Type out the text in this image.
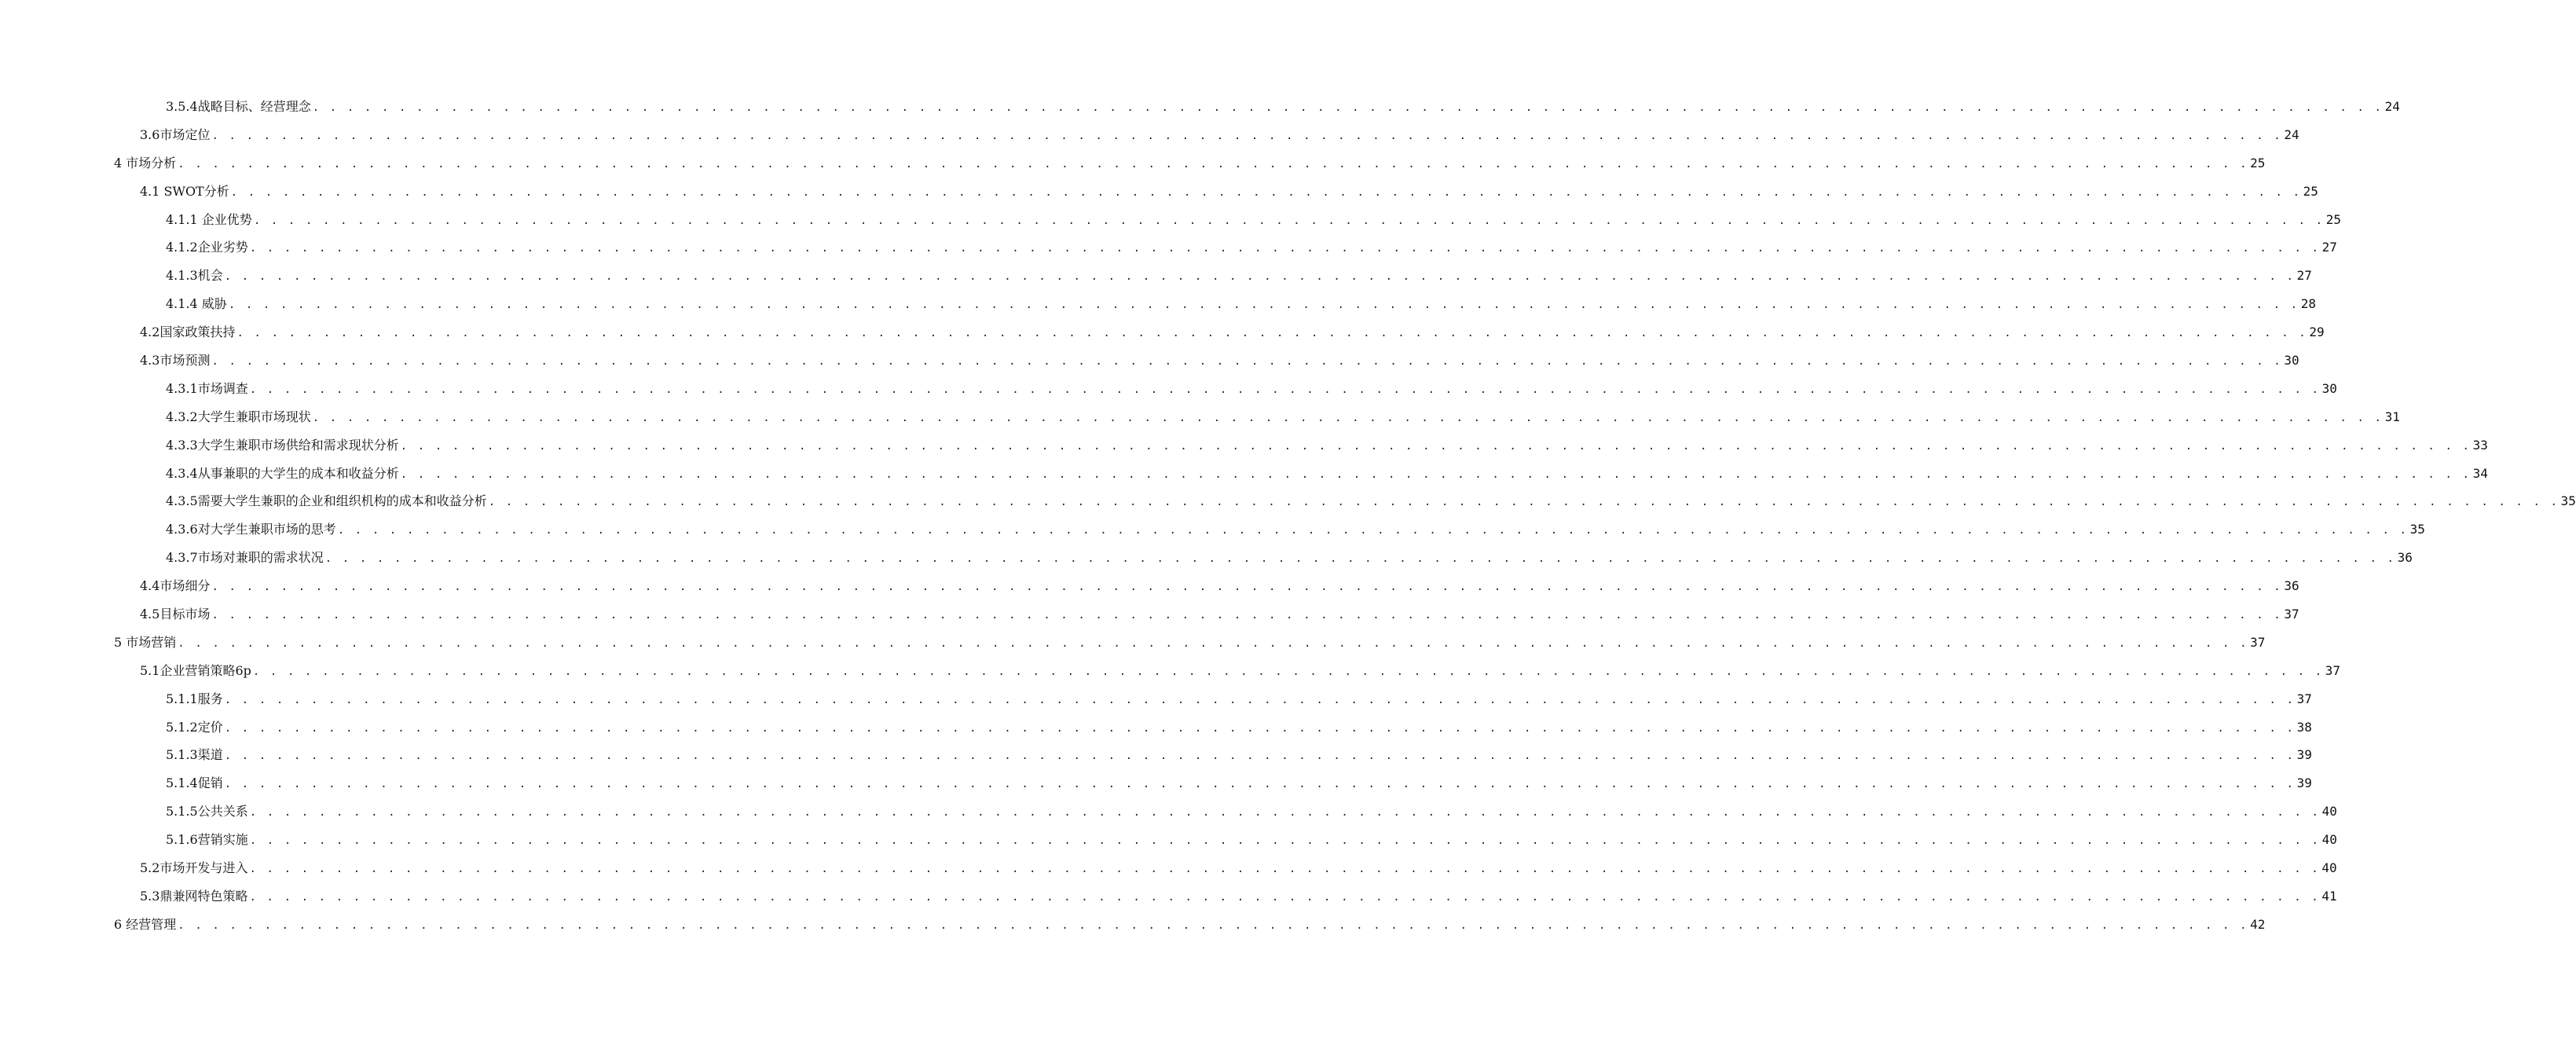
3.5.4战略目标、经营理念 . . . . . . . . . . . . . . . . . . . . . . . . . . . . . . . . . . . . . . . . . . . . . . . . . . . . . . . . . . . . . . . . . . . . . . . . . . . . . . . . . . . . . . . . . . . . . . . . . . . . . . . . . . . . . . . . . . . . . . . . 24
3.6市场定位 . . . . . . . . . . . . . . . . . . . . . . . . . . . . . . . . . . . . . . . . . . . . . . . . . . . . . . . . . . . . . . . . . . . . . . . . . . . . . . . . . . . . . . . . . . . . . . . . . . . . . . . . . . . . . . . . . . . . . . . . 24
4 市场分析 . . . . . . . . . . . . . . . . . . . . . . . . . . . . . . . . . . . . . . . . . . . . . . . . . . . . . . . . . . . . . . . . . . . . . . . . . . . . . . . . . . . . . . . . . . . . . . . . . . . . . . . . . . . . . . . . . . . . . . . . 25
4.1 SWOT分析 . . . . . . . . . . . . . . . . . . . . . . . . . . . . . . . . . . . . . . . . . . . . . . . . . . . . . . . . . . . . . . . . . . . . . . . . . . . . . . . . . . . . . . . . . . . . . . . . . . . . . . . . . . . . . . . . . . . . . . . . 25
4.1.1 企业优势 . . . . . . . . . . . . . . . . . . . . . . . . . . . . . . . . . . . . . . . . . . . . . . . . . . . . . . . . . . . . . . . . . . . . . . . . . . . . . . . . . . . . . . . . . . . . . . . . . . . . . . . . . . . . . . . . . . . . . . . . 25
4.1.2企业劣势 . . . . . . . . . . . . . . . . . . . . . . . . . . . . . . . . . . . . . . . . . . . . . . . . . . . . . . . . . . . . . . . . . . . . . . . . . . . . . . . . . . . . . . . . . . . . . . . . . . . . . . . . . . . . . . . . . . . . . . . . 27
4.1.3机会 . . . . . . . . . . . . . . . . . . . . . . . . . . . . . . . . . . . . . . . . . . . . . . . . . . . . . . . . . . . . . . . . . . . . . . . . . . . . . . . . . . . . . . . . . . . . . . . . . . . . . . . . . . . . . . . . . . . . . . . . 27
4.1.4 威胁 . . . . . . . . . . . . . . . . . . . . . . . . . . . . . . . . . . . . . . . . . . . . . . . . . . . . . . . . . . . . . . . . . . . . . . . . . . . . . . . . . . . . . . . . . . . . . . . . . . . . . . . . . . . . . . . . . . . . . . . . 28
4.2国家政策扶持 . . . . . . . . . . . . . . . . . . . . . . . . . . . . . . . . . . . . . . . . . . . . . . . . . . . . . . . . . . . . . . . . . . . . . . . . . . . . . . . . . . . . . . . . . . . . . . . . . . . . . . . . . . . . . . . . . . . . . . . . 29
4.3市场预测 . . . . . . . . . . . . . . . . . . . . . . . . . . . . . . . . . . . . . . . . . . . . . . . . . . . . . . . . . . . . . . . . . . . . . . . . . . . . . . . . . . . . . . . . . . . . . . . . . . . . . . . . . . . . . . . . . . . . . . . . 30
4.3.1市场调查 . . . . . . . . . . . . . . . . . . . . . . . . . . . . . . . . . . . . . . . . . . . . . . . . . . . . . . . . . . . . . . . . . . . . . . . . . . . . . . . . . . . . . . . . . . . . . . . . . . . . . . . . . . . . . . . . . . . . . . . . 30
4.3.2大学生兼职市场现状 . . . . . . . . . . . . . . . . . . . . . . . . . . . . . . . . . . . . . . . . . . . . . . . . . . . . . . . . . . . . . . . . . . . . . . . . . . . . . . . . . . . . . . . . . . . . . . . . . . . . . . . . . . . . . . . . . . . . . . . . 31
4.3.3大学生兼职市场供给和需求现状分析 . . . . . . . . . . . . . . . . . . . . . . . . . . . . . . . . . . . . . . . . . . . . . . . . . . . . . . . . . . . . . . . . . . . . . . . . . . . . . . . . . . . . . . . . . . . . . . . . . . . . . . . . . . . . . . . . . . . . . . . . 33
4.3.4从事兼职的大学生的成本和收益分析 . . . . . . . . . . . . . . . . . . . . . . . . . . . . . . . . . . . . . . . . . . . . . . . . . . . . . . . . . . . . . . . . . . . . . . . . . . . . . . . . . . . . . . . . . . . . . . . . . . . . . . . . . . . . . . . . . . . . . . . . 34
4.3.5需要大学生兼职的企业和组织机构的成本和收益分析 . . . . . . . . . . . . . . . . . . . . . . . . . . . . . . . . . . . . . . . . . . . . . . . . . . . . . . . . . . . . . . . . . . . . . . . . . . . . . . . . . . . . . . . . . . . . . . . . . . . . . . . . . . . . . . . . . . . . . . . . 35
4.3.6对大学生兼职市场的思考 . . . . . . . . . . . . . . . . . . . . . . . . . . . . . . . . . . . . . . . . . . . . . . . . . . . . . . . . . . . . . . . . . . . . . . . . . . . . . . . . . . . . . . . . . . . . . . . . . . . . . . . . . . . . . . . . . . . . . . . . 35
4.3.7市场对兼职的需求状况 . . . . . . . . . . . . . . . . . . . . . . . . . . . . . . . . . . . . . . . . . . . . . . . . . . . . . . . . . . . . . . . . . . . . . . . . . . . . . . . . . . . . . . . . . . . . . . . . . . . . . . . . . . . . . . . . . . . . . . . . 36
4.4市场细分 . . . . . . . . . . . . . . . . . . . . . . . . . . . . . . . . . . . . . . . . . . . . . . . . . . . . . . . . . . . . . . . . . . . . . . . . . . . . . . . . . . . . . . . . . . . . . . . . . . . . . . . . . . . . . . . . . . . . . . . . 36
4.5目标市场 . . . . . . . . . . . . . . . . . . . . . . . . . . . . . . . . . . . . . . . . . . . . . . . . . . . . . . . . . . . . . . . . . . . . . . . . . . . . . . . . . . . . . . . . . . . . . . . . . . . . . . . . . . . . . . . . . . . . . . . . 37
5 市场营销 . . . . . . . . . . . . . . . . . . . . . . . . . . . . . . . . . . . . . . . . . . . . . . . . . . . . . . . . . . . . . . . . . . . . . . . . . . . . . . . . . . . . . . . . . . . . . . . . . . . . . . . . . . . . . . . . . . . . . . . . 37
5.1企业营销策略6p . . . . . . . . . . . . . . . . . . . . . . . . . . . . . . . . . . . . . . . . . . . . . . . . . . . . . . . . . . . . . . . . . . . . . . . . . . . . . . . . . . . . . . . . . . . . . . . . . . . . . . . . . . . . . . . . . . . . . . . . 37
5.1.1服务 . . . . . . . . . . . . . . . . . . . . . . . . . . . . . . . . . . . . . . . . . . . . . . . . . . . . . . . . . . . . . . . . . . . . . . . . . . . . . . . . . . . . . . . . . . . . . . . . . . . . . . . . . . . . . . . . . . . . . . . . 37
5.1.2定价 . . . . . . . . . . . . . . . . . . . . . . . . . . . . . . . . . . . . . . . . . . . . . . . . . . . . . . . . . . . . . . . . . . . . . . . . . . . . . . . . . . . . . . . . . . . . . . . . . . . . . . . . . . . . . . . . . . . . . . . . 38
5.1.3渠道 . . . . . . . . . . . . . . . . . . . . . . . . . . . . . . . . . . . . . . . . . . . . . . . . . . . . . . . . . . . . . . . . . . . . . . . . . . . . . . . . . . . . . . . . . . . . . . . . . . . . . . . . . . . . . . . . . . . . . . . . 39
5.1.4促销 . . . . . . . . . . . . . . . . . . . . . . . . . . . . . . . . . . . . . . . . . . . . . . . . . . . . . . . . . . . . . . . . . . . . . . . . . . . . . . . . . . . . . . . . . . . . . . . . . . . . . . . . . . . . . . . . . . . . . . . . 39
5.1.5公共关系 . . . . . . . . . . . . . . . . . . . . . . . . . . . . . . . . . . . . . . . . . . . . . . . . . . . . . . . . . . . . . . . . . . . . . . . . . . . . . . . . . . . . . . . . . . . . . . . . . . . . . . . . . . . . . . . . . . . . . . . . 40
5.1.6营销实施 . . . . . . . . . . . . . . . . . . . . . . . . . . . . . . . . . . . . . . . . . . . . . . . . . . . . . . . . . . . . . . . . . . . . . . . . . . . . . . . . . . . . . . . . . . . . . . . . . . . . . . . . . . . . . . . . . . . . . . . . 40
5.2市场开发与进入 . . . . . . . . . . . . . . . . . . . . . . . . . . . . . . . . . . . . . . . . . . . . . . . . . . . . . . . . . . . . . . . . . . . . . . . . . . . . . . . . . . . . . . . . . . . . . . . . . . . . . . . . . . . . . . . . . . . . . . . . 40
5.3鼎兼网特色策略 . . . . . . . . . . . . . . . . . . . . . . . . . . . . . . . . . . . . . . . . . . . . . . . . . . . . . . . . . . . . . . . . . . . . . . . . . . . . . . . . . . . . . . . . . . . . . . . . . . . . . . . . . . . . . . . . . . . . . . . . 41
6 经营管理 . . . . . . . . . . . . . . . . . . . . . . . . . . . . . . . . . . . . . . . . . . . . . . . . . . . . . . . . . . . . . . . . . . . . . . . . . . . . . . . . . . . . . . . . . . . . . . . . . . . . . . . . . . . . . . . . . . . . . . . . 42
